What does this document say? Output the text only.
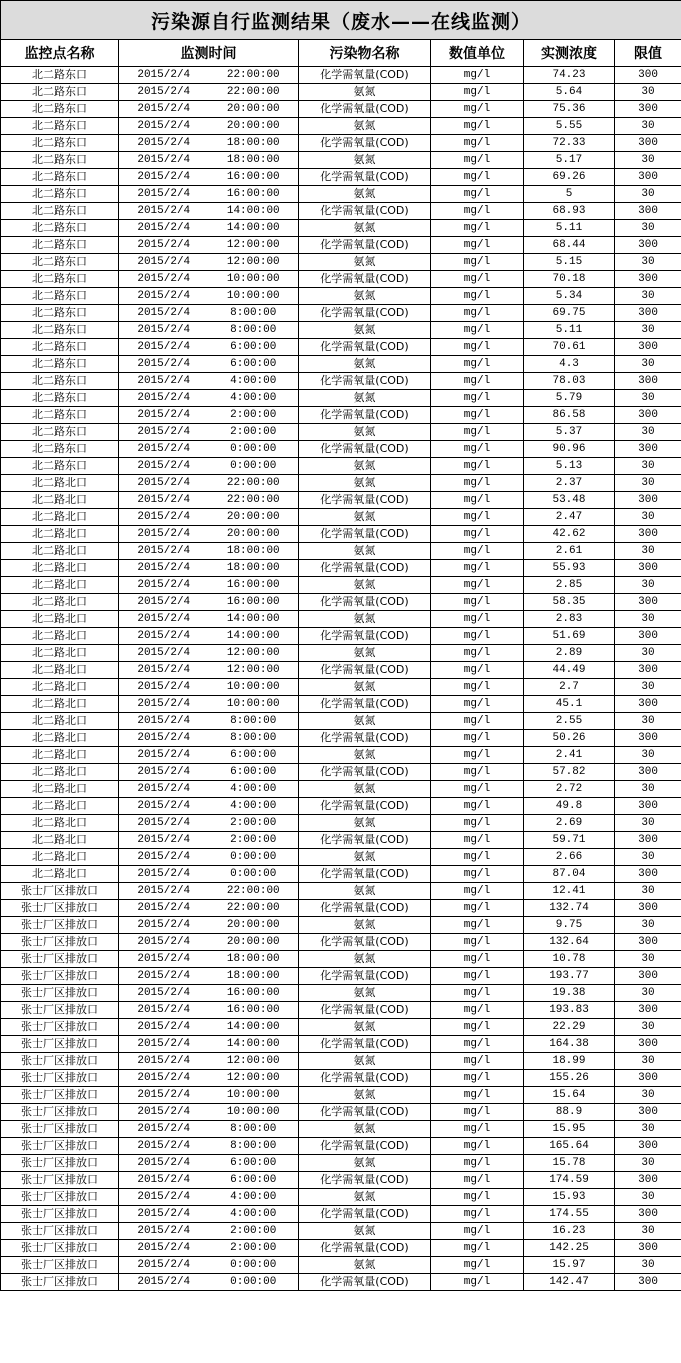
污染源自行监测结果（废水——在线监测）						
监控点名称	监测时间		污染物名称	数值单位	实测浓度	限值
北二路东口	2015/2/4	22:00:00	化学需氧量(COD)	mg/l	74.23	300
北二路东口	2015/2/4	22:00:00	氨氮	mg/l	5.64	30
北二路东口	2015/2/4	20:00:00	化学需氧量(COD)	mg/l	75.36	300
北二路东口	2015/2/4	20:00:00	氨氮	mg/l	5.55	30
北二路东口	2015/2/4	18:00:00	化学需氧量(COD)	mg/l	72.33	300
北二路东口	2015/2/4	18:00:00	氨氮	mg/l	5.17	30
北二路东口	2015/2/4	16:00:00	化学需氧量(COD)	mg/l	69.26	300
北二路东口	2015/2/4	16:00:00	氨氮	mg/l	5	30
北二路东口	2015/2/4	14:00:00	化学需氧量(COD)	mg/l	68.93	300
北二路东口	2015/2/4	14:00:00	氨氮	mg/l	5.11	30
北二路东口	2015/2/4	12:00:00	化学需氧量(COD)	mg/l	68.44	300
北二路东口	2015/2/4	12:00:00	氨氮	mg/l	5.15	30
北二路东口	2015/2/4	10:00:00	化学需氧量(COD)	mg/l	70.18	300
北二路东口	2015/2/4	10:00:00	氨氮	mg/l	5.34	30
北二路东口	2015/2/4	8:00:00	化学需氧量(COD)	mg/l	69.75	300
北二路东口	2015/2/4	8:00:00	氨氮	mg/l	5.11	30
北二路东口	2015/2/4	6:00:00	化学需氧量(COD)	mg/l	70.61	300
北二路东口	2015/2/4	6:00:00	氨氮	mg/l	4.3	30
北二路东口	2015/2/4	4:00:00	化学需氧量(COD)	mg/l	78.03	300
北二路东口	2015/2/4	4:00:00	氨氮	mg/l	5.79	30
北二路东口	2015/2/4	2:00:00	化学需氧量(COD)	mg/l	86.58	300
北二路东口	2015/2/4	2:00:00	氨氮	mg/l	5.37	30
北二路东口	2015/2/4	0:00:00	化学需氧量(COD)	mg/l	90.96	300
北二路东口	2015/2/4	0:00:00	氨氮	mg/l	5.13	30
北二路北口	2015/2/4	22:00:00	氨氮	mg/l	2.37	30
北二路北口	2015/2/4	22:00:00	化学需氧量(COD)	mg/l	53.48	300
北二路北口	2015/2/4	20:00:00	氨氮	mg/l	2.47	30
北二路北口	2015/2/4	20:00:00	化学需氧量(COD)	mg/l	42.62	300
北二路北口	2015/2/4	18:00:00	氨氮	mg/l	2.61	30
北二路北口	2015/2/4	18:00:00	化学需氧量(COD)	mg/l	55.93	300
北二路北口	2015/2/4	16:00:00	氨氮	mg/l	2.85	30
北二路北口	2015/2/4	16:00:00	化学需氧量(COD)	mg/l	58.35	300
北二路北口	2015/2/4	14:00:00	氨氮	mg/l	2.83	30
北二路北口	2015/2/4	14:00:00	化学需氧量(COD)	mg/l	51.69	300
北二路北口	2015/2/4	12:00:00	氨氮	mg/l	2.89	30
北二路北口	2015/2/4	12:00:00	化学需氧量(COD)	mg/l	44.49	300
北二路北口	2015/2/4	10:00:00	氨氮	mg/l	2.7	30
北二路北口	2015/2/4	10:00:00	化学需氧量(COD)	mg/l	45.1	300
北二路北口	2015/2/4	8:00:00	氨氮	mg/l	2.55	30
北二路北口	2015/2/4	8:00:00	化学需氧量(COD)	mg/l	50.26	300
北二路北口	2015/2/4	6:00:00	氨氮	mg/l	2.41	30
北二路北口	2015/2/4	6:00:00	化学需氧量(COD)	mg/l	57.82	300
北二路北口	2015/2/4	4:00:00	氨氮	mg/l	2.72	30
北二路北口	2015/2/4	4:00:00	化学需氧量(COD)	mg/l	49.8	300
北二路北口	2015/2/4	2:00:00	氨氮	mg/l	2.69	30
北二路北口	2015/2/4	2:00:00	化学需氧量(COD)	mg/l	59.71	300
北二路北口	2015/2/4	0:00:00	氨氮	mg/l	2.66	30
北二路北口	2015/2/4	0:00:00	化学需氧量(COD)	mg/l	87.04	300
张士厂区排放口	2015/2/4	22:00:00	氨氮	mg/l	12.41	30
张士厂区排放口	2015/2/4	22:00:00	化学需氧量(COD)	mg/l	132.74	300
张士厂区排放口	2015/2/4	20:00:00	氨氮	mg/l	9.75	30
张士厂区排放口	2015/2/4	20:00:00	化学需氧量(COD)	mg/l	132.64	300
张士厂区排放口	2015/2/4	18:00:00	氨氮	mg/l	10.78	30
张士厂区排放口	2015/2/4	18:00:00	化学需氧量(COD)	mg/l	193.77	300
张士厂区排放口	2015/2/4	16:00:00	氨氮	mg/l	19.38	30
张士厂区排放口	2015/2/4	16:00:00	化学需氧量(COD)	mg/l	193.83	300
张士厂区排放口	2015/2/4	14:00:00	氨氮	mg/l	22.29	30
张士厂区排放口	2015/2/4	14:00:00	化学需氧量(COD)	mg/l	164.38	300
张士厂区排放口	2015/2/4	12:00:00	氨氮	mg/l	18.99	30
张士厂区排放口	2015/2/4	12:00:00	化学需氧量(COD)	mg/l	155.26	300
张士厂区排放口	2015/2/4	10:00:00	氨氮	mg/l	15.64	30
张士厂区排放口	2015/2/4	10:00:00	化学需氧量(COD)	mg/l	88.9	300
张士厂区排放口	2015/2/4	8:00:00	氨氮	mg/l	15.95	30
张士厂区排放口	2015/2/4	8:00:00	化学需氧量(COD)	mg/l	165.64	300
张士厂区排放口	2015/2/4	6:00:00	氨氮	mg/l	15.78	30
张士厂区排放口	2015/2/4	6:00:00	化学需氧量(COD)	mg/l	174.59	300
张士厂区排放口	2015/2/4	4:00:00	氨氮	mg/l	15.93	30
张士厂区排放口	2015/2/4	4:00:00	化学需氧量(COD)	mg/l	174.55	300
张士厂区排放口	2015/2/4	2:00:00	氨氮	mg/l	16.23	30
张士厂区排放口	2015/2/4	2:00:00	化学需氧量(COD)	mg/l	142.25	300
张士厂区排放口	2015/2/4	0:00:00	氨氮	mg/l	15.97	30
张士厂区排放口	2015/2/4	0:00:00	化学需氧量(COD)	mg/l	142.47	300
